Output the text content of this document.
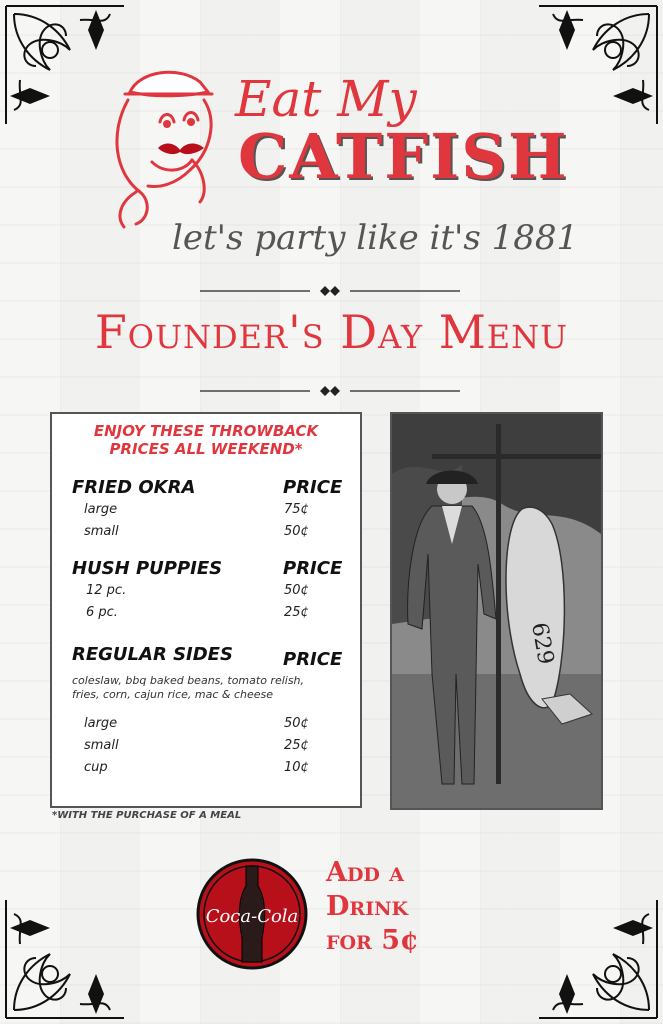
Eat My
CATFISH
let's party like it's 1881
Founder's Day Menu
ENJOY THESE THROWBACK
PRICES ALL WEEKEND*
FRIED OKRA	PRICE
large	75¢
small	50¢
HUSH PUPPIES	PRICE
12 pc.	50¢
6 pc.	25¢
REGULAR SIDES	PRICE
coleslaw, bbq baked beans, tomato relish,
fries, corn, cajun rice, mac & cheese
large	50¢
small	25¢
cup	10¢
*WITH THE PURCHASE OF A MEAL
629
Coca-Cola
Add a
Drink
for 5¢
